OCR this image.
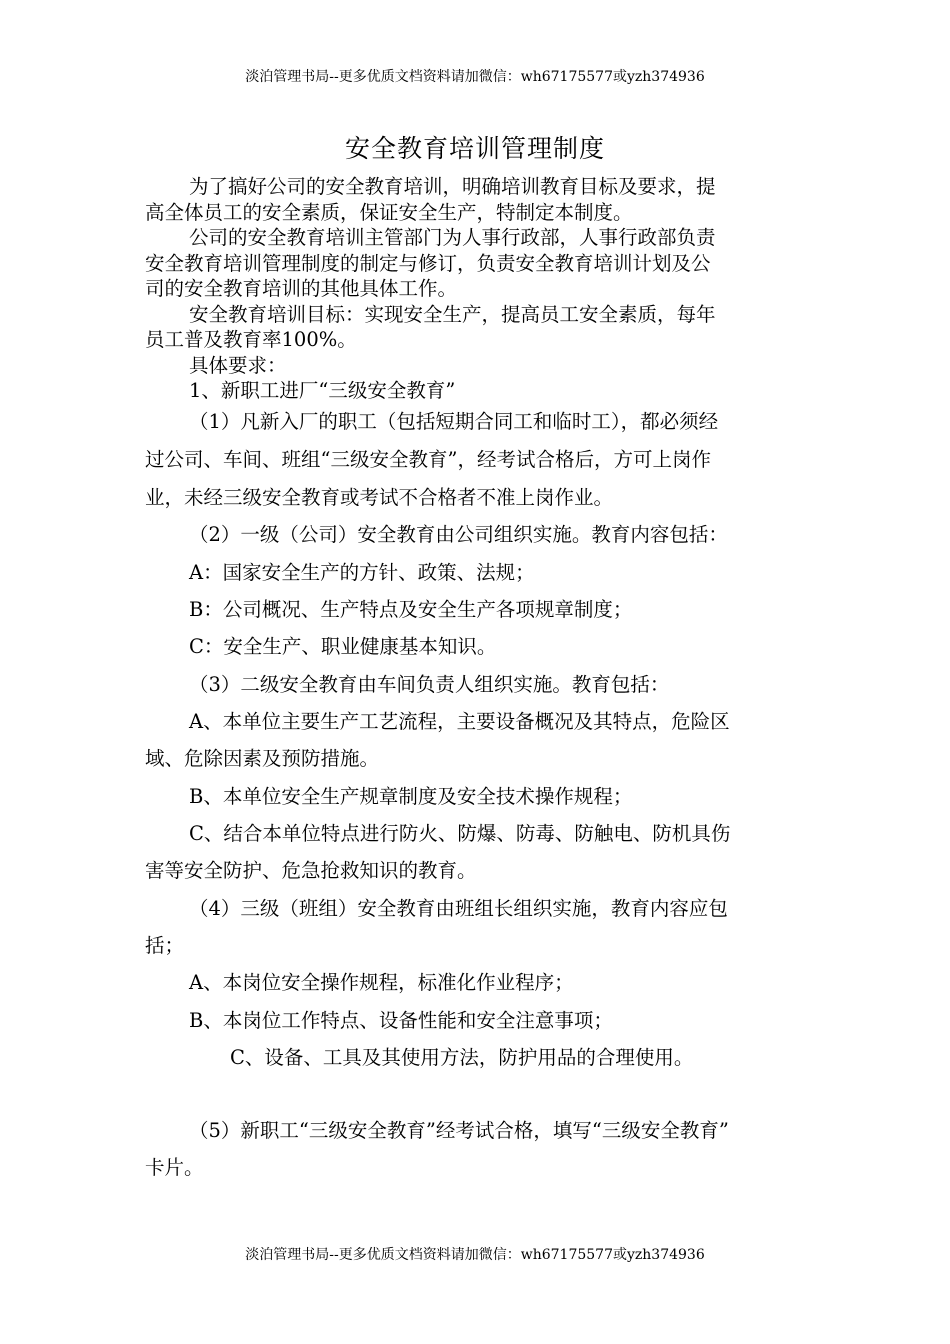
淡泊管理书局--更多优质文档资料请加微信：wh67175577或yzh374936
安全教育培训管理制度
为了搞好公司的安全教育培训，明确培训教育目标及要求，提
高全体员工的安全素质，保证安全生产，特制定本制度。
公司的安全教育培训主管部门为人事行政部，人事行政部负责
安全教育培训管理制度的制定与修订，负责安全教育培训计划及公
司的安全教育培训的其他具体工作。
安全教育培训目标：实现安全生产，提高员工安全素质，每年
员工普及教育率100%。
具体要求：
1、新职工进厂“三级安全教育”
（1）凡新入厂的职工（包括短期合同工和临时工），都必须经
过公司、车间、班组“三级安全教育”，经考试合格后，方可上岗作
业，未经三级安全教育或考试不合格者不准上岗作业。
（2）一级（公司）安全教育由公司组织实施。教育内容包括：
A：国家安全生产的方针、政策、法规；
B：公司概况、生产特点及安全生产各项规章制度；
C：安全生产、职业健康基本知识。
（3）二级安全教育由车间负责人组织实施。教育包括：
A、本单位主要生产工艺流程，主要设备概况及其特点，危险区
域、危除因素及预防措施。
B、本单位安全生产规章制度及安全技术操作规程；
C、结合本单位特点进行防火、防爆、防毒、防触电、防机具伤
害等安全防护、危急抢救知识的教育。
（4）三级（班组）安全教育由班组长组织实施，教育内容应包
括；
A、本岗位安全操作规程，标准化作业程序；
B、本岗位工作特点、设备性能和安全注意事项；
C、设备、工具及其使用方法，防护用品的合理使用。
（5）新职工“三级安全教育”经考试合格，填写“三级安全教育”
卡片。
淡泊管理书局--更多优质文档资料请加微信：wh67175577或yzh374936
